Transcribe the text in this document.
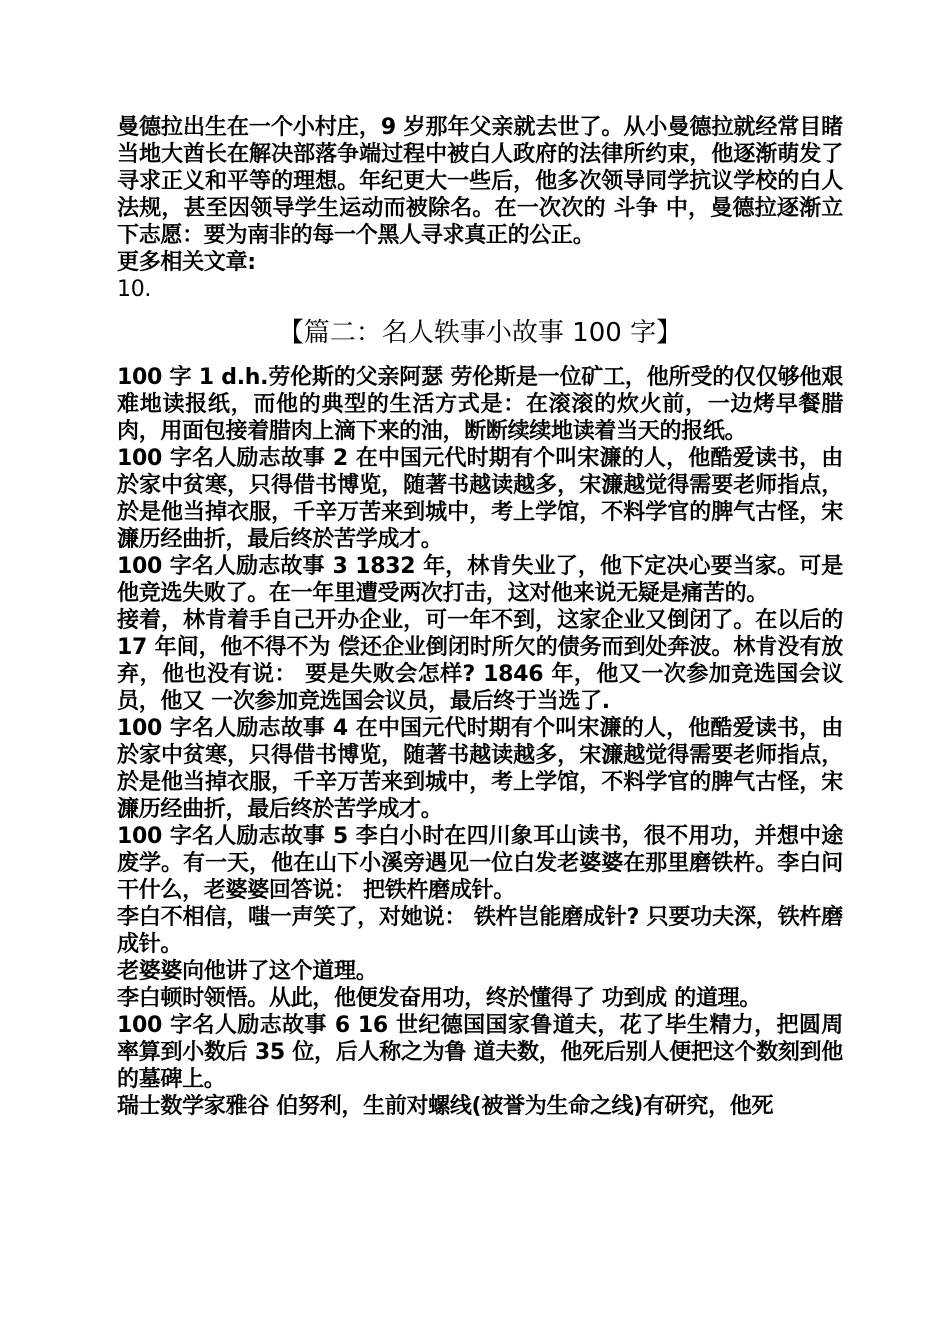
曼德拉出生在一个小村庄，9 岁那年父亲就去世了。从小曼德拉就经常目睹当地大酋长在解决部落争端过程中被白人政府的法律所约束，他逐渐萌发了寻求正义和平等的理想。年纪更大一些后，他多次领导同学抗议学校的白人法规，甚至因领导学生运动而被除名。在一次次的 斗争 中，曼德拉逐渐立下志愿：要为南非的每一个黑人寻求真正的公正。

更多相关文章:

10.

【篇二：名人轶事小故事 100 字】

100 字 1 d.h.劳伦斯的父亲阿瑟 劳伦斯是一位矿工，他所受的仅仅够他艰难地读报纸，而他的典型的生活方式是：在滚滚的炊火前，一边烤早餐腊肉，用面包接着腊肉上滴下来的油，断断续续地读着当天的报纸。

100 字名人励志故事 2 在中国元代时期有个叫宋濂的人，他酷爱读书，由於家中贫寒，只得借书博览，随著书越读越多，宋濂越觉得需要老师指点，於是他当掉衣服，千辛万苦来到城中，考上学馆，不料学官的脾气古怪，宋濂历经曲折，最后终於苦学成才。

100 字名人励志故事 3 1832 年，林肯失业了，他下定决心要当家。可是他竞选失败了。在一年里遭受两次打击，这对他来说无疑是痛苦的。

接着，林肯着手自己开办企业，可一年不到，这家企业又倒闭了。在以后的 17 年间，他不得不为 偿还企业倒闭时所欠的债务而到处奔波。林肯没有放弃，他也没有说： 要是失败会怎样? 1846 年，他又一次参加竞选国会议员，他又 一次参加竞选国会议员，最后终于当选了.

100 字名人励志故事 4 在中国元代时期有个叫宋濂的人，他酷爱读书，由於家中贫寒，只得借书博览，随著书越读越多，宋濂越觉得需要老师指点，於是他当掉衣服，千辛万苦来到城中，考上学馆，不料学官的脾气古怪，宋濂历经曲折，最后终於苦学成才。

100 字名人励志故事 5 李白小时在四川象耳山读书，很不用功，并想中途废学。有一天，他在山下小溪旁遇见一位白发老婆婆在那里磨铁杵。李白问干什么，老婆婆回答说： 把铁杵磨成针。

李白不相信，嗤一声笑了，对她说： 铁杵岂能磨成针? 只要功夫深，铁杵磨成针。

老婆婆向他讲了这个道理。

李白顿时领悟。从此，他便发奋用功，终於懂得了 功到成 的道理。

100 字名人励志故事 6 16 世纪德国国家鲁道夫，花了毕生精力，把圆周率算到小数后 35 位，后人称之为鲁 道夫数，他死后别人便把这个数刻到他的墓碑上。

瑞士数学家雅谷 伯努利，生前对螺线(被誉为生命之线)有研究，他死
